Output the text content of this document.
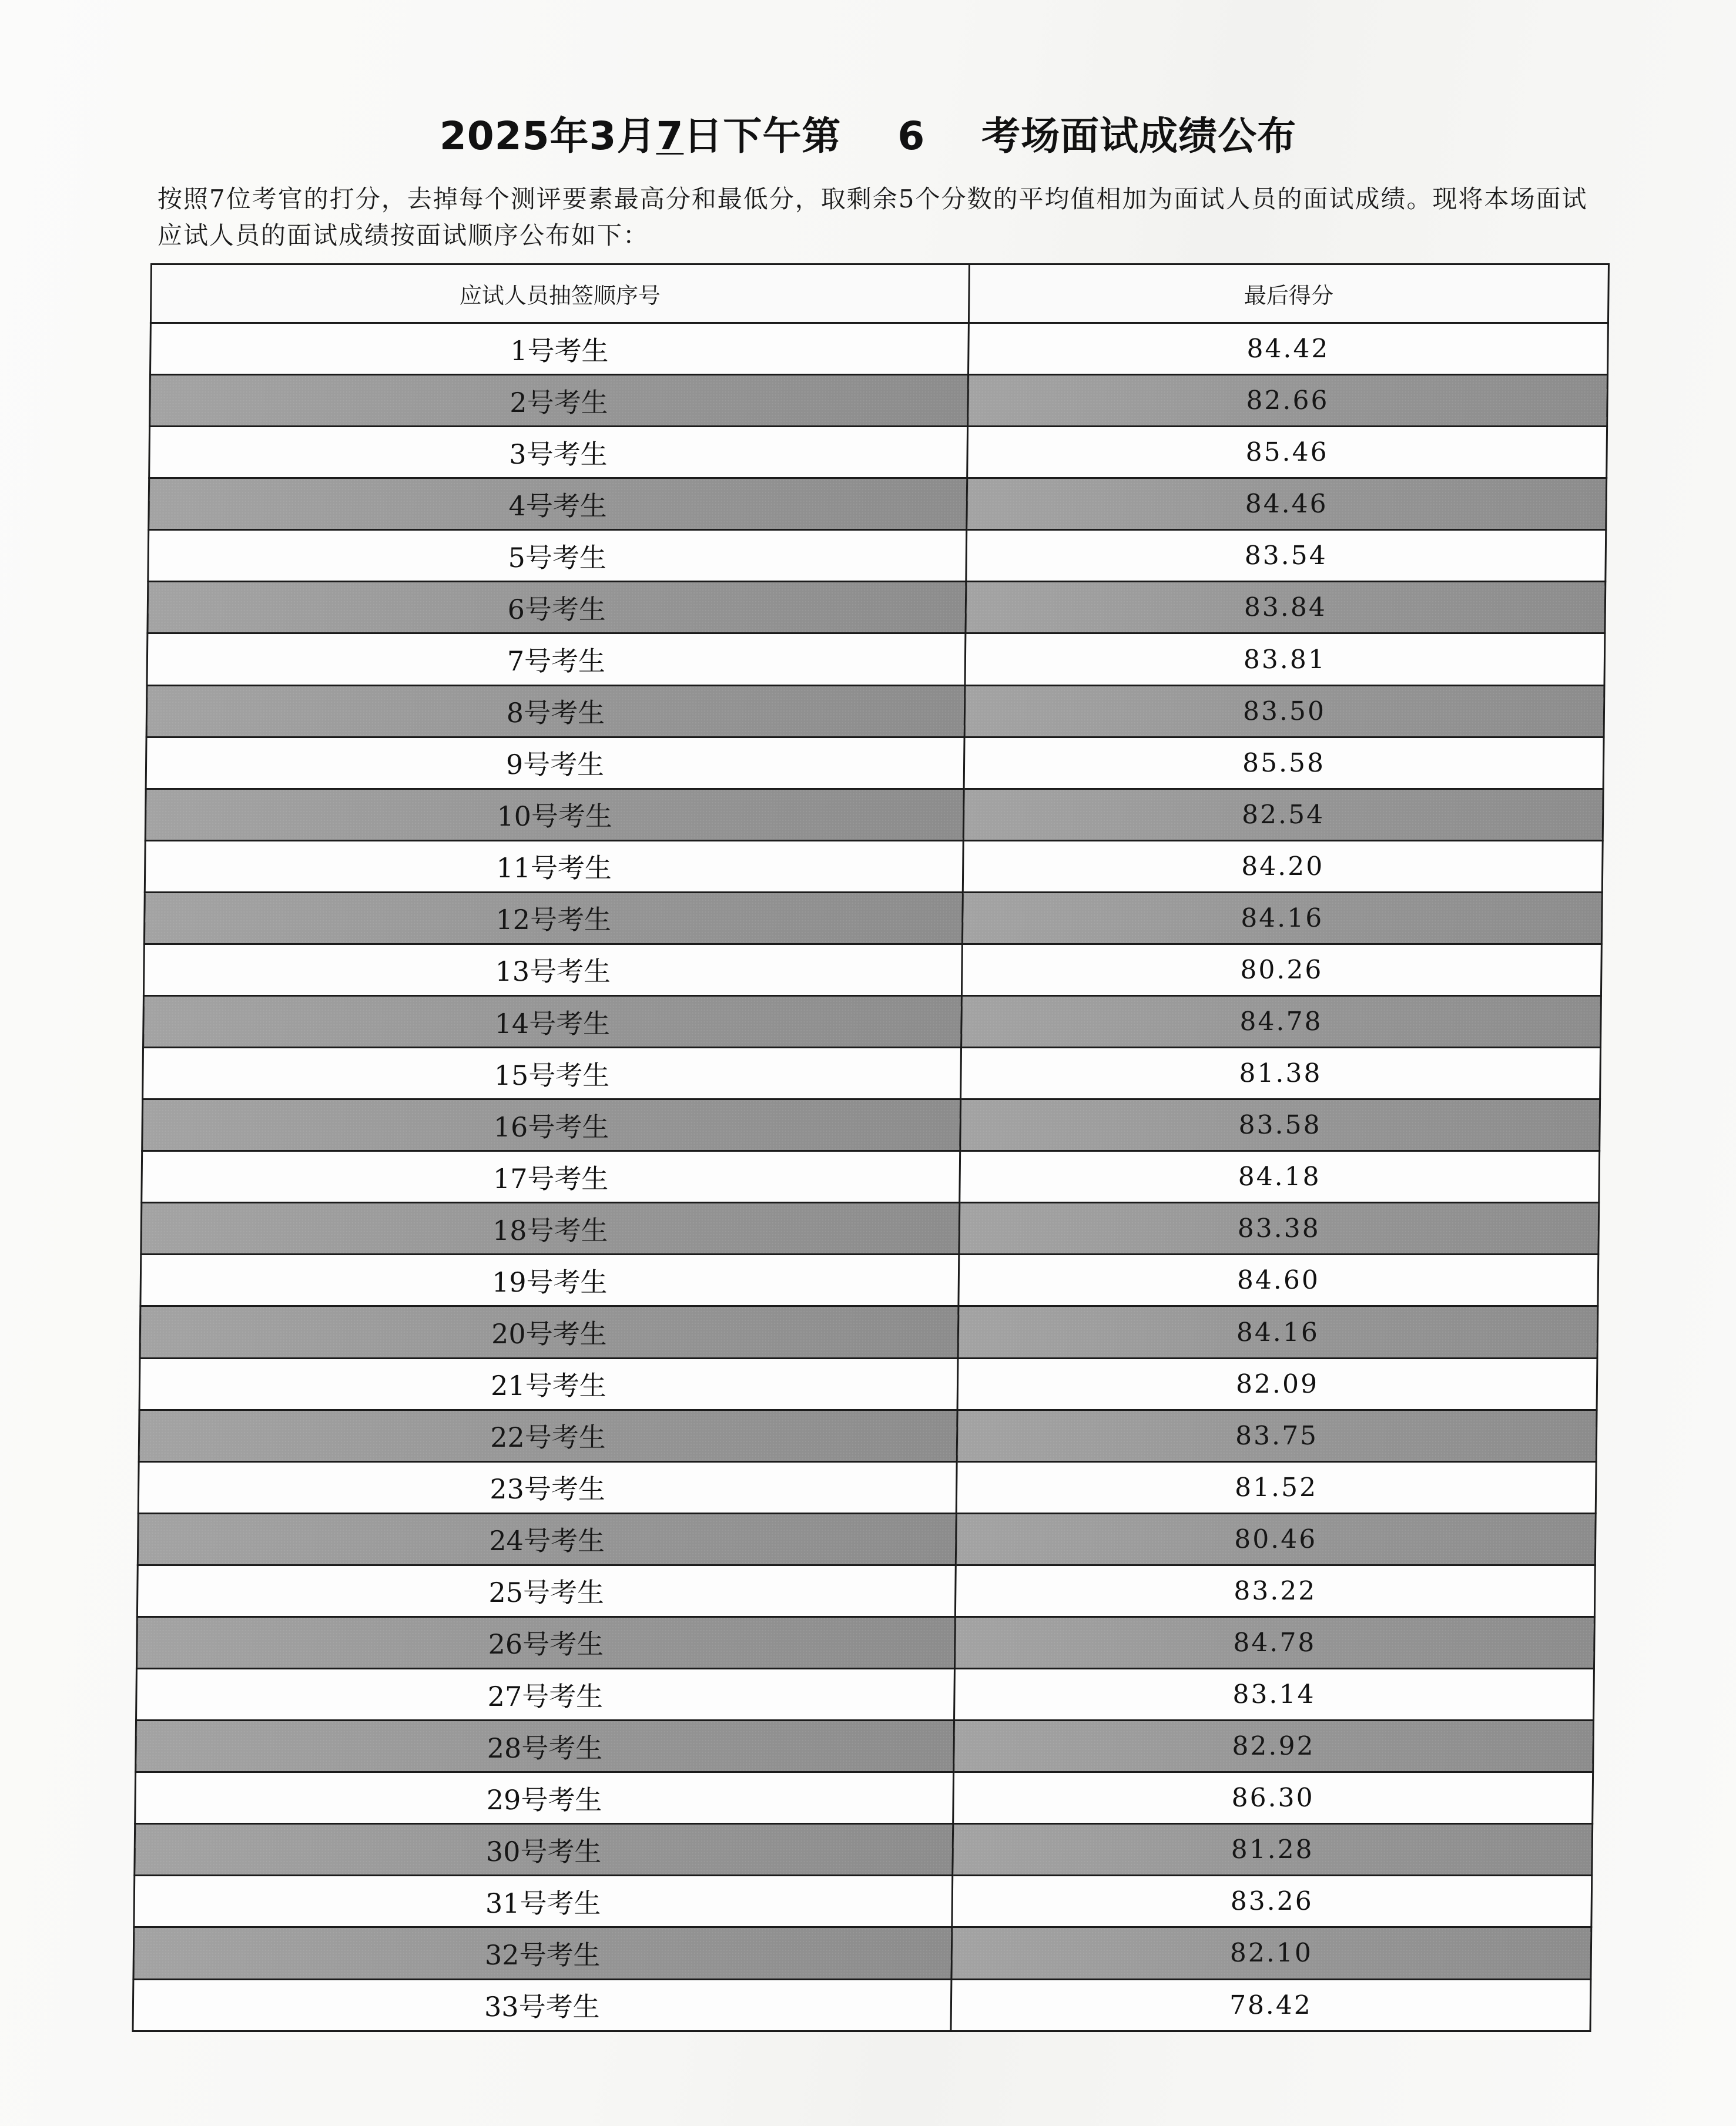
2025年3月7日下午第    6    考场面试成绩公布
按照7位考官的打分，去掉每个测评要素最高分和最低分，取剩余5个分数的平均值相加为面试人员的面试成绩。现将本场面试应试人员的面试成绩按面试顺序公布如下：
应试人员抽签顺序号	最后得分
1号考生	84.42
2号考生	82.66
3号考生	85.46
4号考生	84.46
5号考生	83.54
6号考生	83.84
7号考生	83.81
8号考生	83.50
9号考生	85.58
10号考生	82.54
11号考生	84.20
12号考生	84.16
13号考生	80.26
14号考生	84.78
15号考生	81.38
16号考生	83.58
17号考生	84.18
18号考生	83.38
19号考生	84.60
20号考生	84.16
21号考生	82.09
22号考生	83.75
23号考生	81.52
24号考生	80.46
25号考生	83.22
26号考生	84.78
27号考生	83.14
28号考生	82.92
29号考生	86.30
30号考生	81.28
31号考生	83.26
32号考生	82.10
33号考生	78.42
